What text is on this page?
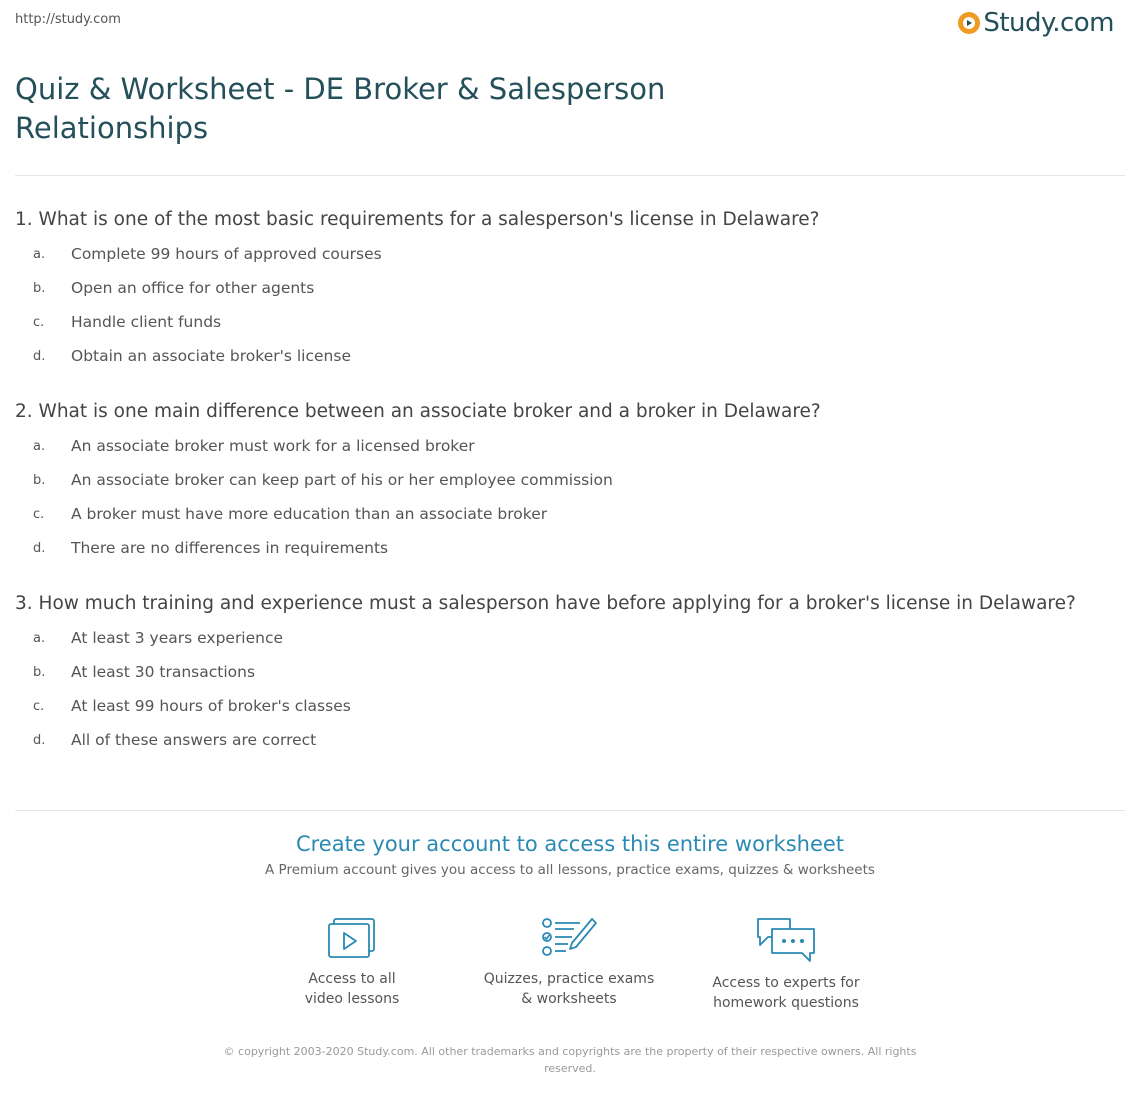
http://study.com	Study.com
Quiz & Worksheet - DE Broker & Salesperson Relationships
1. What is one of the most basic requirements for a salesperson's license in Delaware?
a.	Complete 99 hours of approved courses
b.	Open an office for other agents
c.	Handle client funds
d.	Obtain an associate broker's license
2. What is one main difference between an associate broker and a broker in Delaware?
a.	An associate broker must work for a licensed broker
b.	An associate broker can keep part of his or her employee commission
c.	A broker must have more education than an associate broker
d.	There are no differences in requirements
3. How much training and experience must a salesperson have before applying for a broker's license in Delaware?
a.	At least 3 years experience
b.	At least 30 transactions
c.	At least 99 hours of broker's classes
d.	All of these answers are correct
Create your account to access this entire worksheet
A Premium account gives you access to all lessons, practice exams, quizzes & worksheets
Access to all
video lessons
Quizzes, practice exams
& worksheets
Access to experts for
homework questions
© copyright 2003-2020 Study.com. All other trademarks and copyrights are the property of their respective owners. All rights
reserved.
